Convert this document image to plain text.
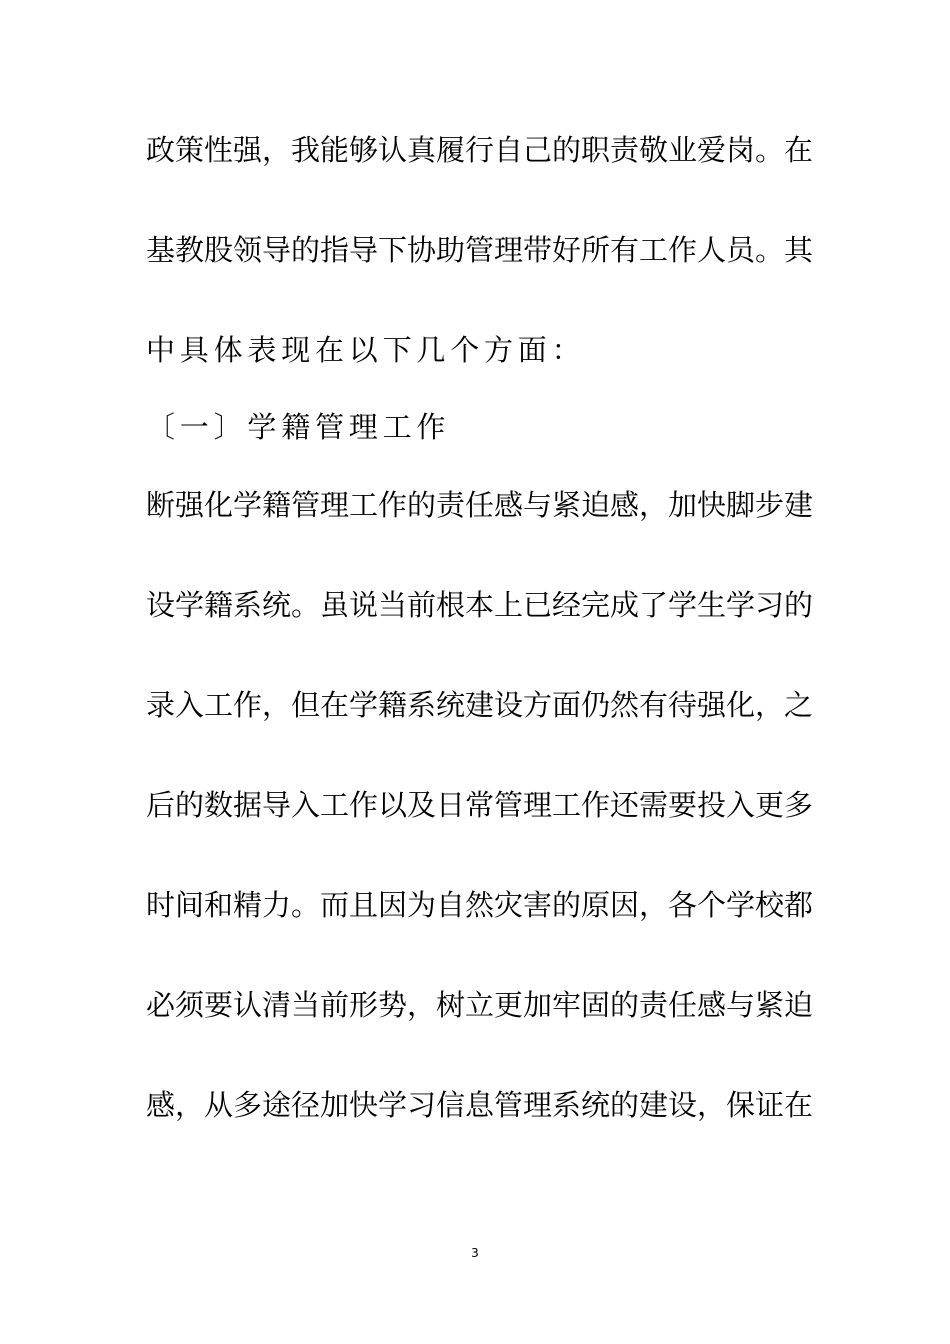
政策性强，我能够认真履行自己的职责敬业爱岗。在
基教股领导的指导下协助管理带好所有工作人员。其
中具体表现在以下几个方面：
〔一〕学籍管理工作
断强化学籍管理工作的责任感与紧迫感，加快脚步建
设学籍系统。虽说当前根本上已经完成了学生学习的
录入工作，但在学籍系统建设方面仍然有待强化，之
后的数据导入工作以及日常管理工作还需要投入更多
时间和精力。而且因为自然灾害的原因，各个学校都
必须要认清当前形势，树立更加牢固的责任感与紧迫
感，从多途径加快学习信息管理系统的建设，保证在
3
